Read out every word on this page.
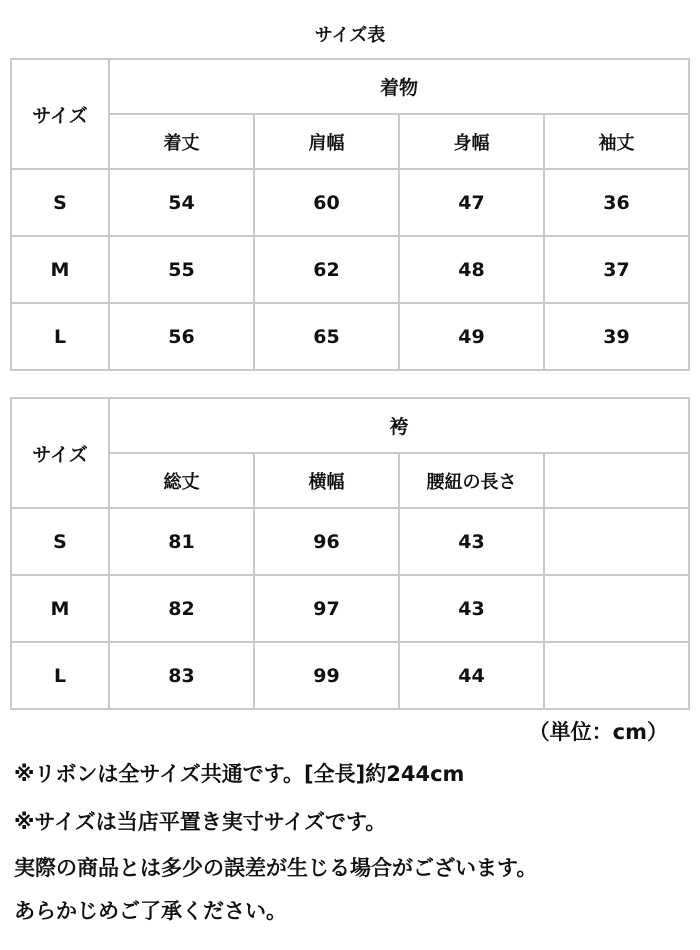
サイズ表
サイズ	着物			
	着丈	肩幅	身幅	袖丈
S	54	60	47	36
M	55	62	48	37
L	56	65	49	39
サイズ	袴			
	総丈	横幅	腰紐の長さ	
S	81	96	43	
M	82	97	43	
L	83	99	44	
（単位：cm）
※リボンは全サイズ共通です。[全長]約244cm
※サイズは当店平置き実寸サイズです。
実際の商品とは多少の誤差が生じる場合がございます。
あらかじめご了承ください。
